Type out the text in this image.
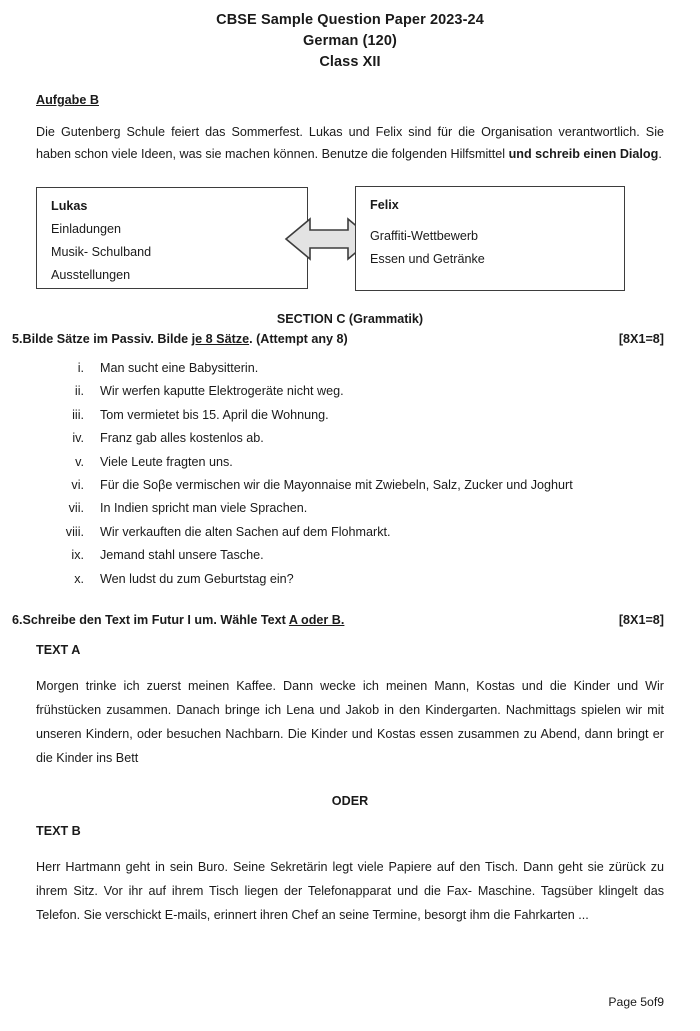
CBSE Sample Question Paper 2023-24
German (120)
Class XII
Aufgabe B
Die Gutenberg Schule feiert das Sommerfest. Lukas und Felix sind für die Organisation verantwortlich. Sie haben schon viele Ideen, was sie machen können. Benutze die folgenden Hilfsmittel und schreib einen Dialog.
Lukas
Einladungen
Musik- Schulband
Ausstellungen
Felix
Graffiti-Wettbewerb
Essen und Getränke
SECTION C (Grammatik)
5.Bilde Sätze im Passiv. Bilde je 8 Sätze. (Attempt any 8)	[8X1=8]
i. Man sucht eine Babysitterin.
ii. Wir werfen kaputte Elektrogeräte nicht weg.
iii. Tom vermietet bis 15. April die Wohnung.
iv. Franz gab alles kostenlos ab.
v. Viele Leute fragten uns.
vi. Für die Soβe vermischen wir die Mayonnaise mit Zwiebeln, Salz, Zucker und Joghurt
vii. In Indien spricht man viele Sprachen.
viii. Wir verkauften die alten Sachen auf dem Flohmarkt.
ix. Jemand stahl unsere Tasche.
x. Wen ludst du zum Geburtstag ein?
6.Schreibe den Text im Futur I um. Wähle Text A oder B.	[8X1=8]
TEXT A
Morgen trinke ich zuerst meinen Kaffee. Dann wecke ich meinen Mann, Kostas und die Kinder und Wir frühstücken zusammen. Danach bringe ich Lena und Jakob in den Kindergarten. Nachmittags spielen wir mit unseren Kindern, oder besuchen Nachbarn. Die Kinder und Kostas essen zusammen zu Abend, dann bringt er die Kinder ins Bett
ODER
TEXT B
Herr Hartmann geht in sein Buro. Seine Sekretärin legt viele Papiere auf den Tisch. Dann geht sie zürück zu ihrem Sitz. Vor ihr auf ihrem Tisch liegen der Telefonapparat und die Fax- Maschine. Tagsüber klingelt das Telefon. Sie verschickt E-mails, erinnert ihren Chef an seine Termine, besorgt ihm die Fahrkarten ...
Page 5of9
